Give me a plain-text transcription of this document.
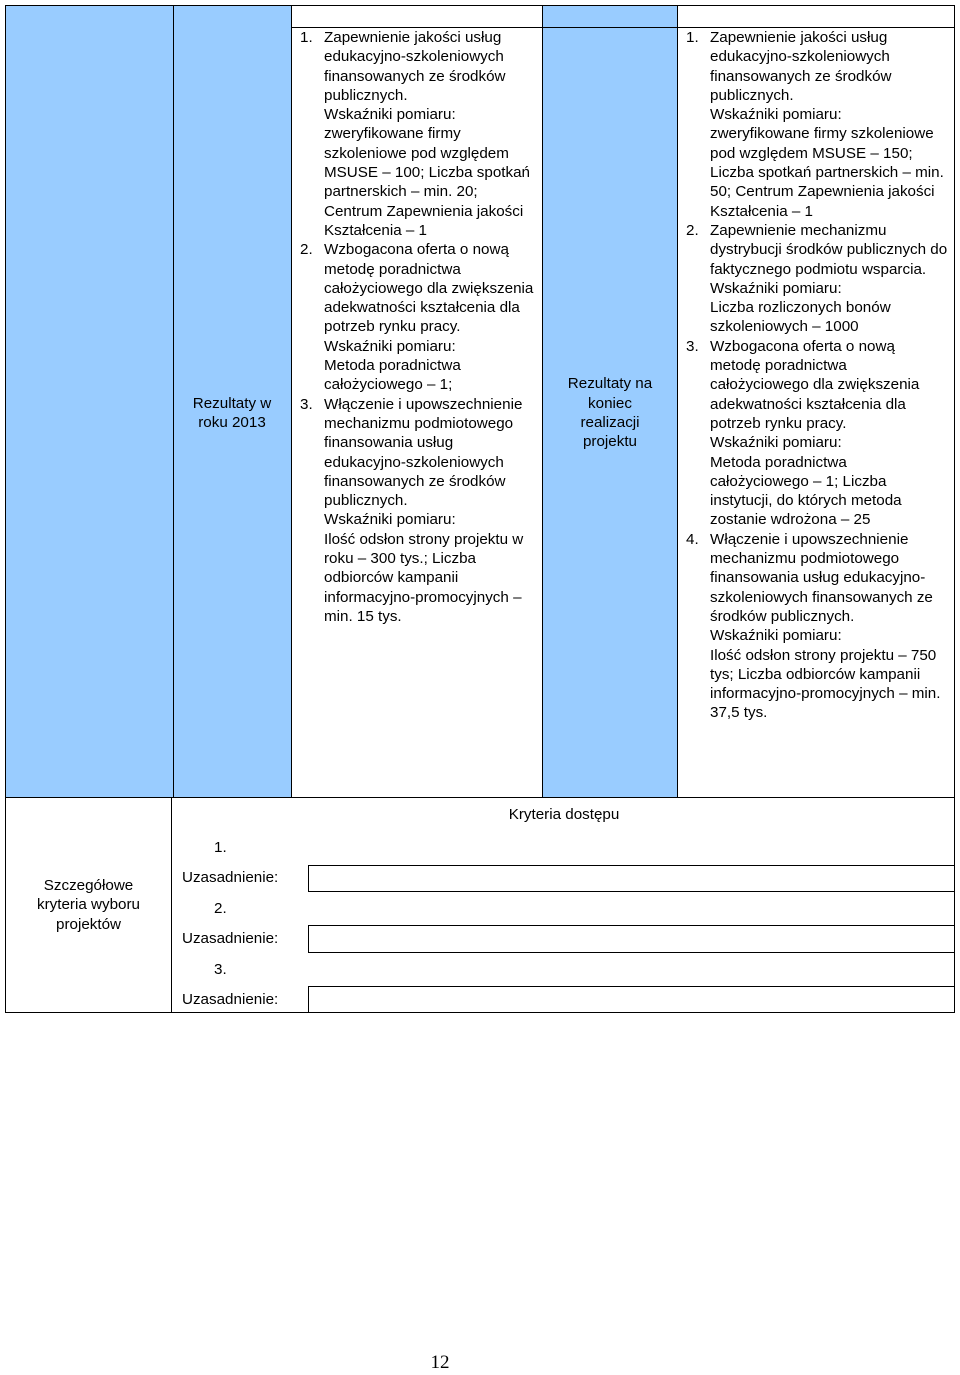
Rezultaty w roku 2013
1. Zapewnienie jakości usług edukacyjno-szkoleniowych finansowanych ze środków publicznych.
Wskaźniki pomiaru:
zweryfikowane firmy szkoleniowe pod względem MSUSE – 100; Liczba spotkań partnerskich – min. 20; Centrum Zapewnienia jakości Kształcenia – 1
2. Wzbogacona oferta o nową metodę poradnictwa całożyciowego dla zwiększenia adekwatności kształcenia dla potrzeb rynku pracy.
Wskaźniki pomiaru:
Metoda poradnictwa całożyciowego – 1;
3. Włączenie i upowszechnienie mechanizmu podmiotowego finansowania usług edukacyjno-szkoleniowych finansowanych ze środków publicznych.
Wskaźniki pomiaru:
Ilość odsłon strony projektu w roku – 300 tys.; Liczba odbiorców kampanii informacyjno-promocyjnych – min. 15 tys.
Rezultaty na koniec realizacji projektu
1. Zapewnienie jakości usług edukacyjno-szkoleniowych finansowanych ze środków publicznych.
Wskaźniki pomiaru:
zweryfikowane firmy szkoleniowe pod względem MSUSE – 150; Liczba spotkań partnerskich – min. 50; Centrum Zapewnienia jakości Kształcenia – 1
2. Zapewnienie mechanizmu dystrybucji środków publicznych do faktycznego podmiotu wsparcia.
Wskaźniki pomiaru:
Liczba rozliczonych bonów szkoleniowych – 1000
3. Wzbogacona oferta o nową metodę poradnictwa całożyciowego dla zwiększenia adekwatności kształcenia dla potrzeb rynku pracy.
Wskaźniki pomiaru:
Metoda poradnictwa całożyciowego – 1; Liczba instytucji, do których metoda zostanie wdrożona – 25
4. Włączenie i upowszechnienie mechanizmu podmiotowego finansowania usług edukacyjno-szkoleniowych finansowanych ze środków publicznych.
Wskaźniki pomiaru:
Ilość odsłon strony projektu – 750 tys; Liczba odbiorców kampanii informacyjno-promocyjnych – min. 37,5 tys.
Szczegółowe kryteria wyboru projektów
Kryteria dostępu
1.
Uzasadnienie:
2.
Uzasadnienie:
3.
Uzasadnienie:
12
